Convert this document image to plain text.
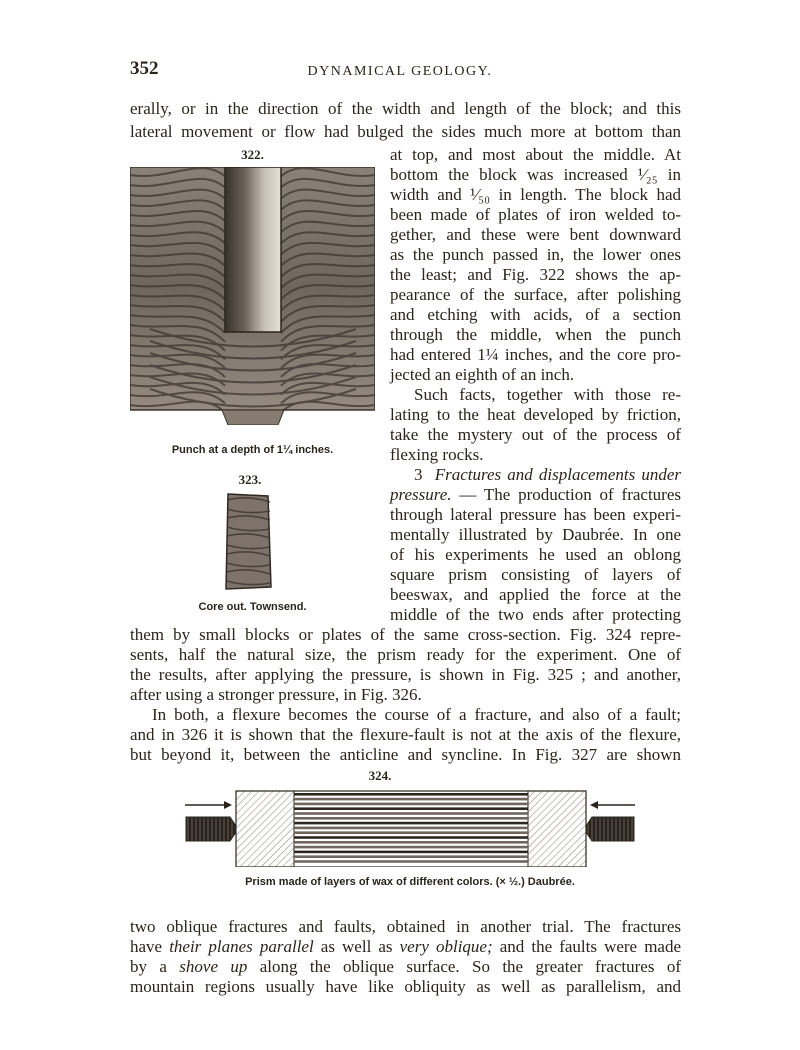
352	DYNAMICAL GEOLOGY.
erally, or in the direction of the width and length of the block; and this
lateral movement or flow had bulged the sides much more at bottom than
322.
Punch at a depth of 1¼ inches.
323.
Core out. Townsend.
at top, and most about the middle. At
bottom the block was increased ¹⁄₂₅ in
width and ¹⁄₅₀ in length. The block had
been made of plates of iron welded to-
gether, and these were bent downward
as the punch passed in, the lower ones
the least; and Fig. 322 shows the ap-
pearance of the surface, after polishing
and etching with acids, of a section
through the middle, when the punch
had entered 1¼ inches, and the core pro-
jected an eighth of an inch.
Such facts, together with those re-
lating to the heat developed by friction,
take the mystery out of the process of
flexing rocks.
3  Fractures and displacements under
pressure. — The production of fractures
through lateral pressure has been experi-
mentally illustrated by Daubrée. In one
of his experiments he used an oblong
square prism consisting of layers of
beeswax, and applied the force at the
middle of the two ends after protecting
them by small blocks or plates of the same cross-section. Fig. 324 repre-
sents, half the natural size, the prism ready for the experiment. One of
the results, after applying the pressure, is shown in Fig. 325 ; and another,
after using a stronger pressure, in Fig. 326.
In both, a flexure becomes the course of a fracture, and also of a fault;
and in 326 it is shown that the flexure-fault is not at the axis of the flexure,
but beyond it, between the anticline and syncline. In Fig. 327 are shown
324.
Prism made of layers of wax of different colors. (× ½.) Daubrée.
two oblique fractures and faults, obtained in another trial. The fractures
have their planes parallel as well as very oblique; and the faults were made
by a shove up along the oblique surface. So the greater fractures of
mountain regions usually have like obliquity as well as parallelism, and
